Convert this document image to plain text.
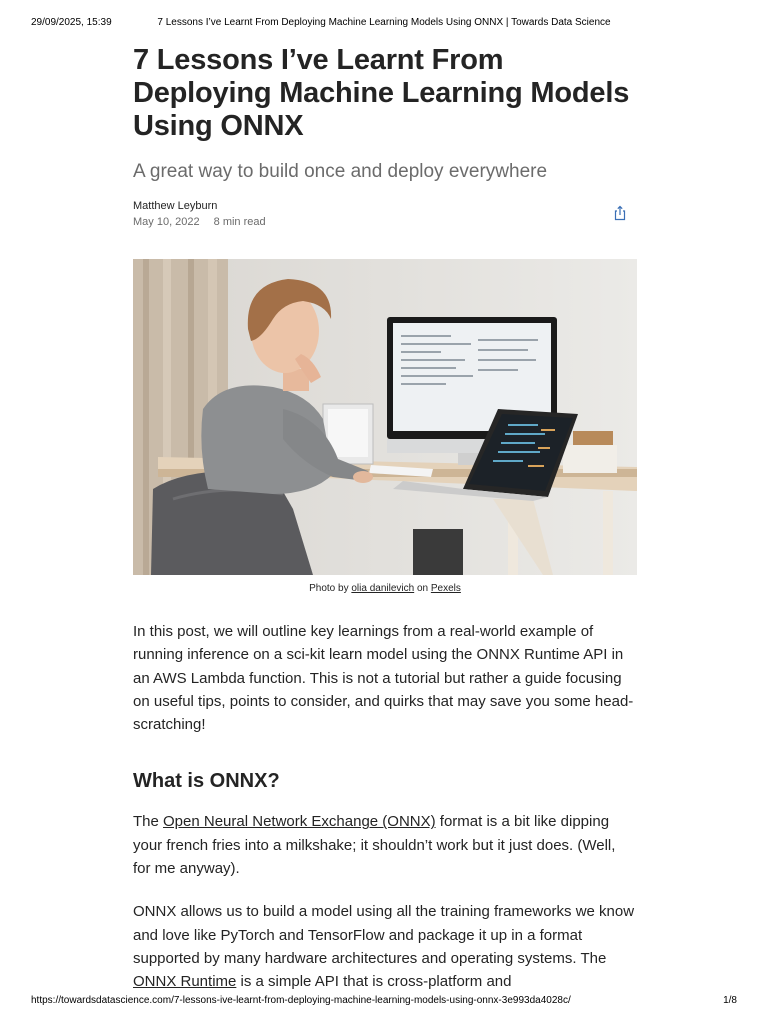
29/09/2025, 15:39	7 Lessons I’ve Learnt From Deploying Machine Learning Models Using ONNX | Towards Data Science
7 Lessons I’ve Learnt From Deploying Machine Learning Models Using ONNX
A great way to build once and deploy everywhere
Matthew Leyburn
May 10, 2022 8 min read
Photo by olia danilevich on Pexels

In this post, we will outline key learnings from a real-world example of running inference on a sci-kit learn model using the ONNX Runtime API in an AWS Lambda function. This is not a tutorial but rather a guide focusing on useful tips, points to consider, and quirks that may save you some head-scratching!

What is ONNX?

The Open Neural Network Exchange (ONNX) format is a bit like dipping your french fries into a milkshake; it shouldn’t work but it just does. (Well, for me anyway).

ONNX allows us to build a model using all the training frameworks we know and love like PyTorch and TensorFlow and package it up in a format supported by many hardware architectures and operating systems. The ONNX Runtime is a simple API that is cross-platform and

https://towardsdatascience.com/7-lessons-ive-learnt-from-deploying-machine-learning-models-using-onnx-3e993da4028c/	1/8
